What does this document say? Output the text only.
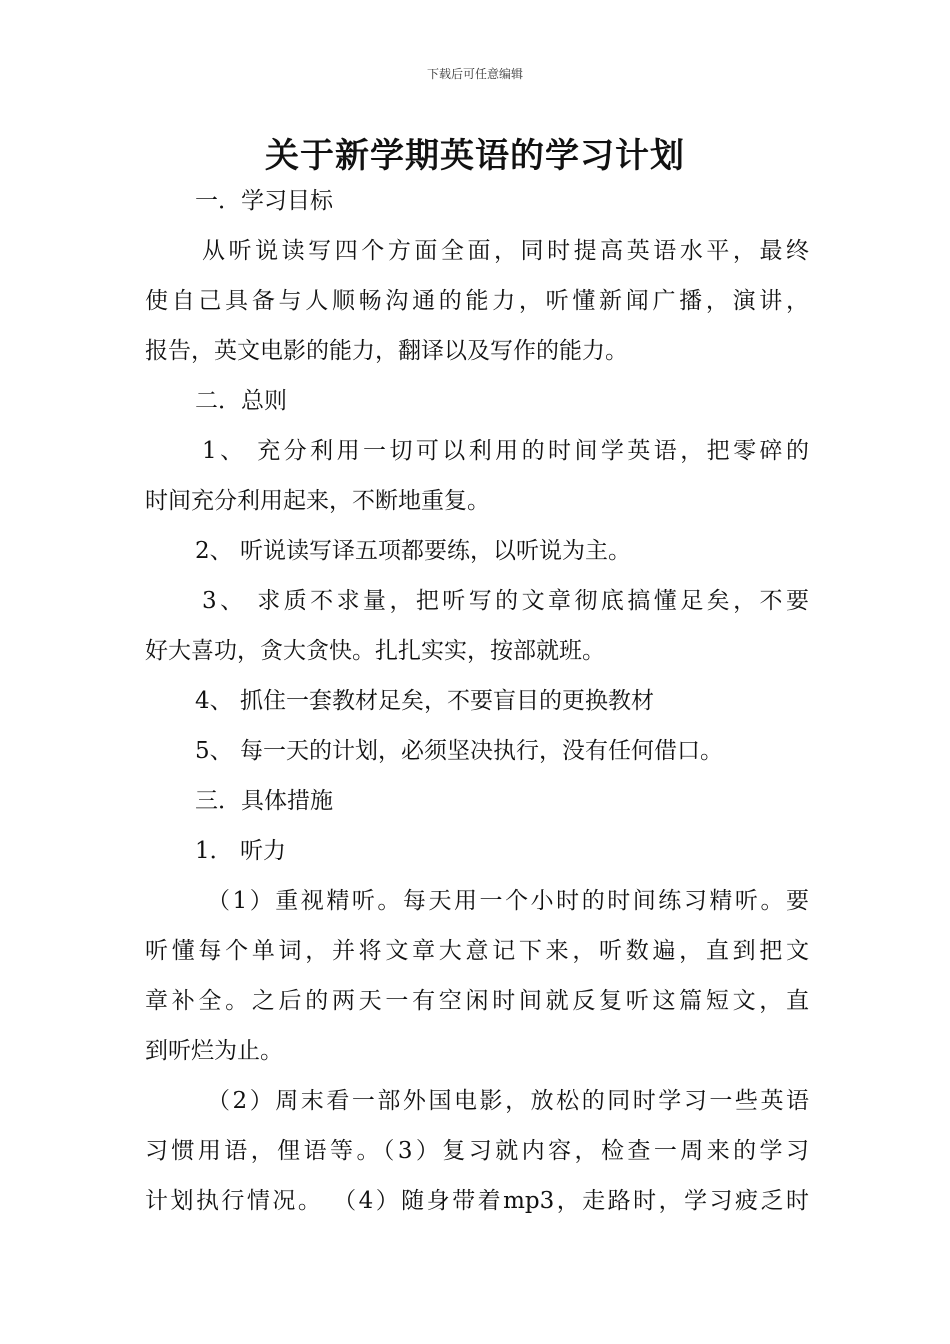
下载后可任意编辑
关于新学期英语的学习计划
一．学习目标
从听说读写四个方面全面，同时提高英语水平，最终
使自己具备与人顺畅沟通的能力，听懂新闻广播，演讲，
报告，英文电影的能力，翻译以及写作的能力。
二．总则
1、 充分利用一切可以利用的时间学英语，把零碎的
时间充分利用起来，不断地重复。
2、 听说读写译五项都要练，以听说为主。
3、 求质不求量，把听写的文章彻底搞懂足矣，不要
好大喜功，贪大贪快。扎扎实实，按部就班。
4、 抓住一套教材足矣，不要盲目的更换教材
5、 每一天的计划，必须坚决执行，没有任何借口。
三．具体措施
1． 听力
（1）重视精听。每天用一个小时的时间练习精听。要
听懂每个单词，并将文章大意记下来，听数遍，直到把文
章补全。之后的两天一有空闲时间就反复听这篇短文，直
到听烂为止。
（2）周末看一部外国电影，放松的同时学习一些英语
习惯用语，俚语等。（3）复习就内容，检查一周来的学习
计划执行情况。 （4）随身带着mp3，走路时，学习疲乏时
